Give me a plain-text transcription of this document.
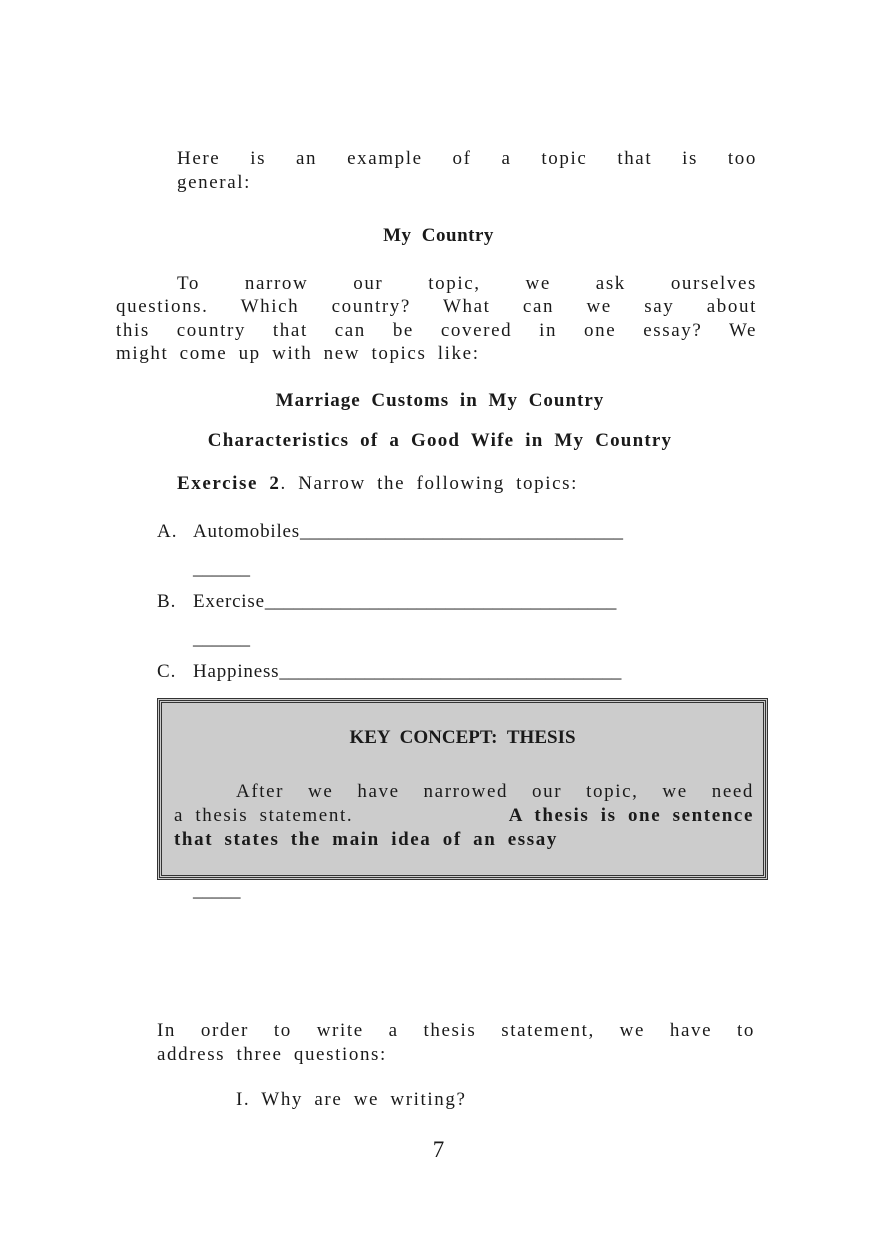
Here is an example of a topic that is too
general:
My Country
To narrow our topic, we ask ourselves
questions. Which country? What can we say about
this country that can be covered in one essay? We
might come up with new topics like:
Marriage Customs in My Country
Characteristics of a Good Wife in My Country
Exercise 2. Narrow the following topics:
A. Automobiles__________________________________
______
B. Exercise_____________________________________
______
C. Happiness____________________________________
KEY CONCEPT: THESIS
After we have narrowed our topic, we need
a thesis statement.	A thesis is one sentence
that states the main idea of an essay
_____
In order to write a thesis statement, we have to
address three questions:
I. Why are we writing?
7
